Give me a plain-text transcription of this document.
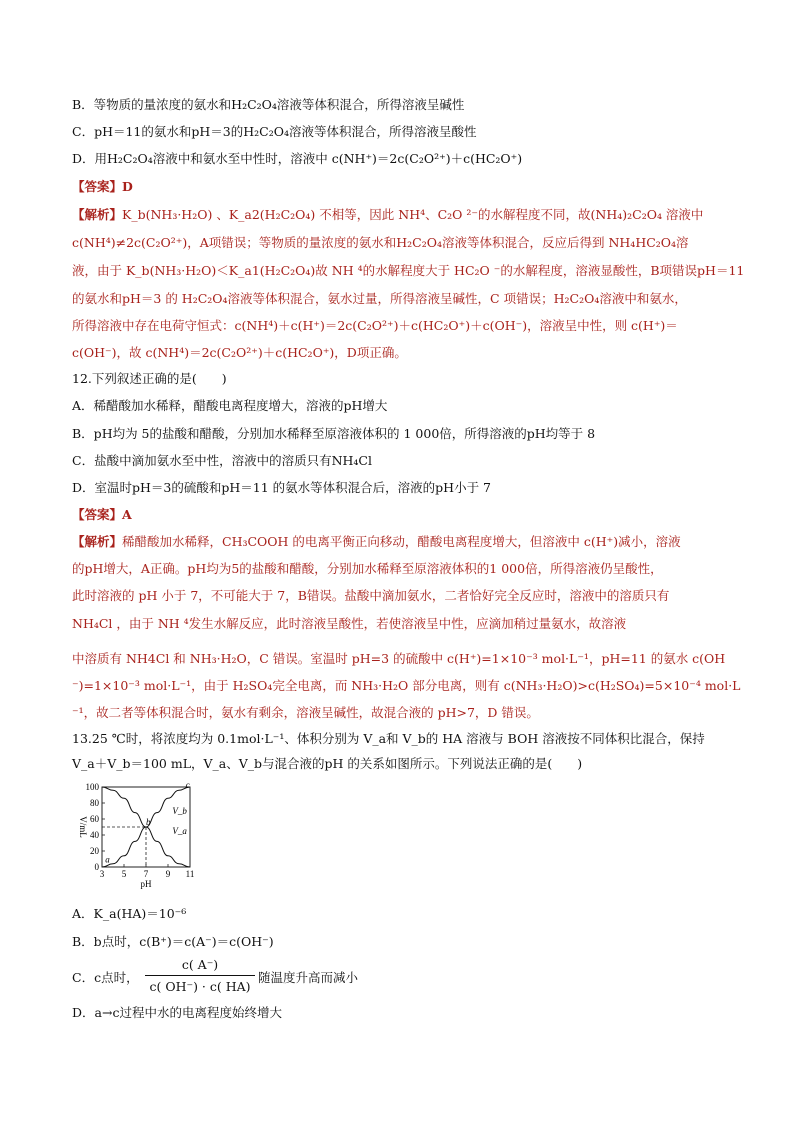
B．等物质的量浓度的氨水和H₂C₂O₄溶液等体积混合，所得溶液呈碱性
C．pH＝11的氨水和pH＝3的H₂C₂O₄溶液等体积混合，所得溶液呈酸性
D．用H₂C₂O₄溶液中和氨水至中性时，溶液中 c(NH⁺)＝2c(C₂O²⁺)＋c(HC₂O⁺)
【答案】D
【解析】K_b(NH₃·H₂O) 、K_a2(H₂C₂O₄) 不相等，因此 NH⁴、C₂O ²⁻的水解程度不同，故(NH₄)₂C₂O₄ 溶液中
c(NH⁴)≠2c(C₂O²⁺)，A项错误；等物质的量浓度的氨水和H₂C₂O₄溶液等体积混合，反应后得到 NH₄HC₂O₄溶
液，由于 K_b(NH₃·H₂O)＜K_a1(H₂C₂O₄)故 NH ⁴的水解程度大于 HC₂O ⁻的水解程度，溶液显酸性，B项错误pH＝11
的氨水和pH＝3 的 H₂C₂O₄溶液等体积混合，氨水过量，所得溶液呈碱性，C 项错误；H₂C₂O₄溶液中和氨水，
所得溶液中存在电荷守恒式：c(NH⁴)＋c(H⁺)＝2c(C₂O²⁺)＋c(HC₂O⁺)＋c(OH⁻)，溶液呈中性，则 c(H⁺)＝
c(OH⁻)，故 c(NH⁴)＝2c(C₂O²⁺)＋c(HC₂O⁺)，D项正确。
12.下列叙述正确的是(　　)
A．稀醋酸加水稀释，醋酸电离程度增大，溶液的pH增大
B．pH均为 5的盐酸和醋酸，分别加水稀释至原溶液体积的 1 000倍，所得溶液的pH均等于 8
C．盐酸中滴加氨水至中性，溶液中的溶质只有NH₄Cl
D．室温时pH＝3的硫酸和pH＝11 的氨水等体积混合后，溶液的pH小于 7
【答案】A
【解析】稀醋酸加水稀释，CH₃COOH 的电离平衡正向移动，醋酸电离程度增大，但溶液中 c(H⁺)减小，溶液
的pH增大，A正确。pH均为5的盐酸和醋酸，分别加水稀释至原溶液体积的1 000倍，所得溶液仍呈酸性，
此时溶液的 pH 小于 7，不可能大于 7，B错误。盐酸中滴加氨水，二者恰好完全反应时，溶液中的溶质只有
NH₄Cl ，由于 NH ⁴发生水解反应，此时溶液呈酸性，若使溶液呈中性，应滴加稍过量氨水，故溶液
中溶质有 NH4Cl 和 NH₃·H₂O，C 错误。室温时 pH=3 的硫酸中 c(H⁺)=1×10⁻³ mol·L⁻¹，pH=11 的氨水 c(OH
⁻)=1×10⁻³ mol·L⁻¹，由于 H₂SO₄完全电离，而 NH₃·H₂O 部分电离，则有 c(NH₃·H₂O)>c(H₂SO₄)=5×10⁻⁴ mol·L
⁻¹，故二者等体积混合时，氨水有剩余，溶液呈碱性，故混合液的 pH>7，D 错误。
13.25 ℃时，将浓度均为 0.1mol·L⁻¹、体积分别为 V_a和 V_b的 HA 溶液与 BOH 溶液按不同体积比混合，保持
V_a＋V_b＝100 mL，V_a、V_b与混合液的pH 的关系如图所示。下列说法正确的是(　　)
3 5 7 9 11
0
20
40
60
80
100
pH
V/mL
V_b
V_a
a
b
c
A．K_a(HA)＝10⁻⁶
B．b点时，c(B⁺)＝c(A⁻)＝c(OH⁻)
C．c点时，
c( A⁻)
c( OH⁻) · c( HA)
随温度升高而减小
D．a→c过程中水的电离程度始终增大
